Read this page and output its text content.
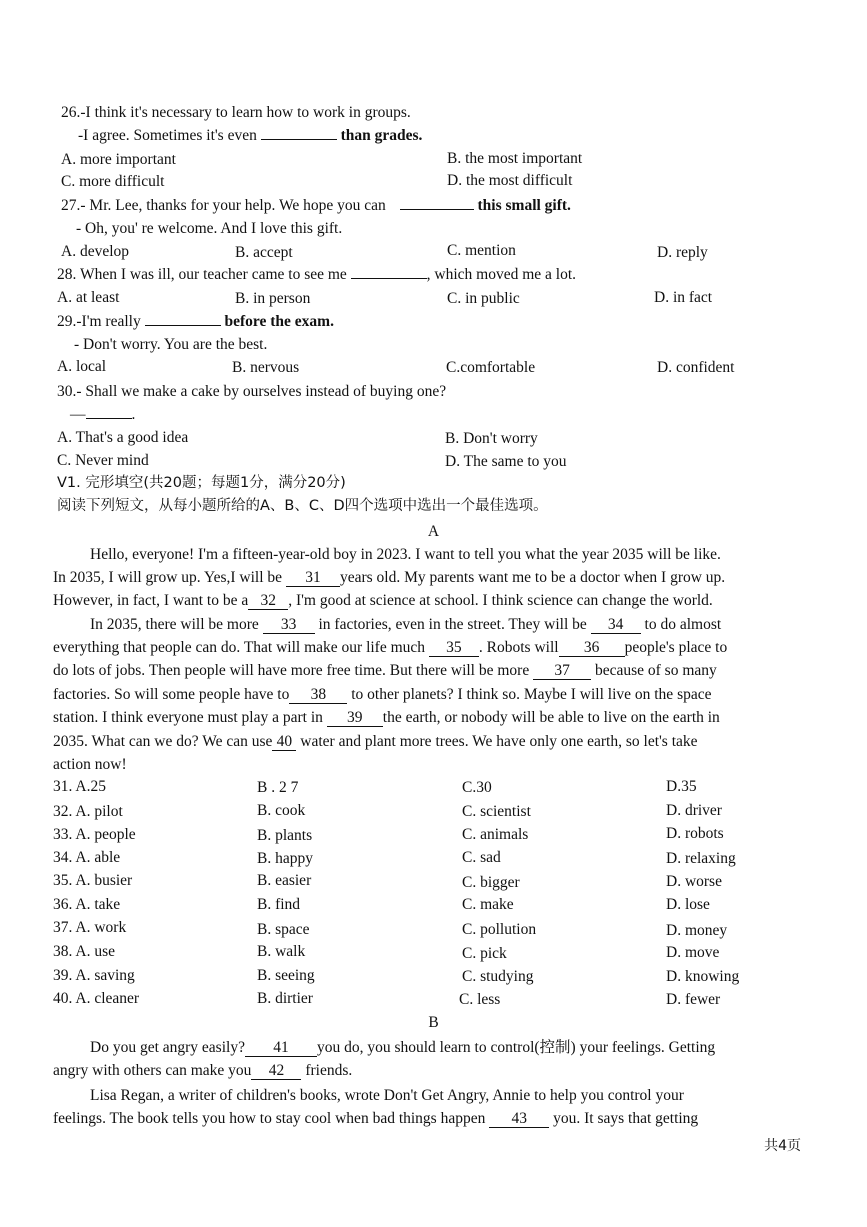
26.-I think it's necessary to learn how to work in groups.
-I agree. Sometimes it's even	than grades.
A. more important	B. the most important
C. more difficult	D. the most difficult
27.- Mr. Lee, thanks for your help. We hope you can	this small gift.
- Oh, you' re welcome. And I love this gift.
A. develop	B. accept	C. mention	D. reply
28. When I was ill, our teacher came to see me	, which moved me a lot.
A. at least	B. in person	C. in public	D. in fact
29.-I'm really	before the exam.
- Don't worry. You are the best.
A. local	B. nervous	C.comfortable	D. confident
30.- Shall we make a cake by ourselves instead of buying one?
—	.
A. That's a good idea	B. Don't worry
C. Never mind	D. The same to you
V1. 完形填空(共20题；每题1分，满分20分)
阅读下列短文，从每小题所给的A、B、C、D四个选项中选出一个最佳选项。
A
Hello, everyone! I'm a fifteen-year-old boy in 2023. I want to tell you what the year 2035 will be like.
In 2035, I will grow up. Yes,I will be 31 years old. My parents want me to be a doctor when I grow up.
However, in fact, I want to be a 32 , I'm good at science at school. I think science can change the world.
In 2035, there will be more 33 in factories, even in the street. They will be 34 to do almost
everything that people can do. That will make our life much 35 . Robots will 36 people's place to
do lots of jobs. Then people will have more free time. But there will be more 37 because of so many
factories. So will some people have to 38 to other planets? I think so. Maybe I will live on the space
station. I think everyone must play a part in 39 the earth, or nobody will be able to live on the earth in
2035. What can we do? We can use 40 water and plant more trees. We have only one earth, so let's take
action now!
31. A.25	B . 2 7	C.30	D.35
32. A. pilot	B. cook	C. scientist	D. driver
33. A. people	B. plants	C. animals	D. robots
34. A. able	B. happy	C. sad	D. relaxing
35. A. busier	B. easier	C. bigger	D. worse
36. A. take	B. find	C. make	D. lose
37. A. work	B. space	C. pollution	D. money
38. A. use	B. walk	C. pick	D. move
39. A. saving	B. seeing	C. studying	D. knowing
40. A. cleaner	B. dirtier	C. less	D. fewer
B
Do you get angry easily? 41 you do, you should learn to control(控制) your feelings. Getting
angry with others can make you 42 friends.
Lisa Regan, a writer of children's books, wrote Don't Get Angry, Annie to help you control your
feelings. The book tells you how to stay cool when bad things happen 43 you. It says that getting
共4页
